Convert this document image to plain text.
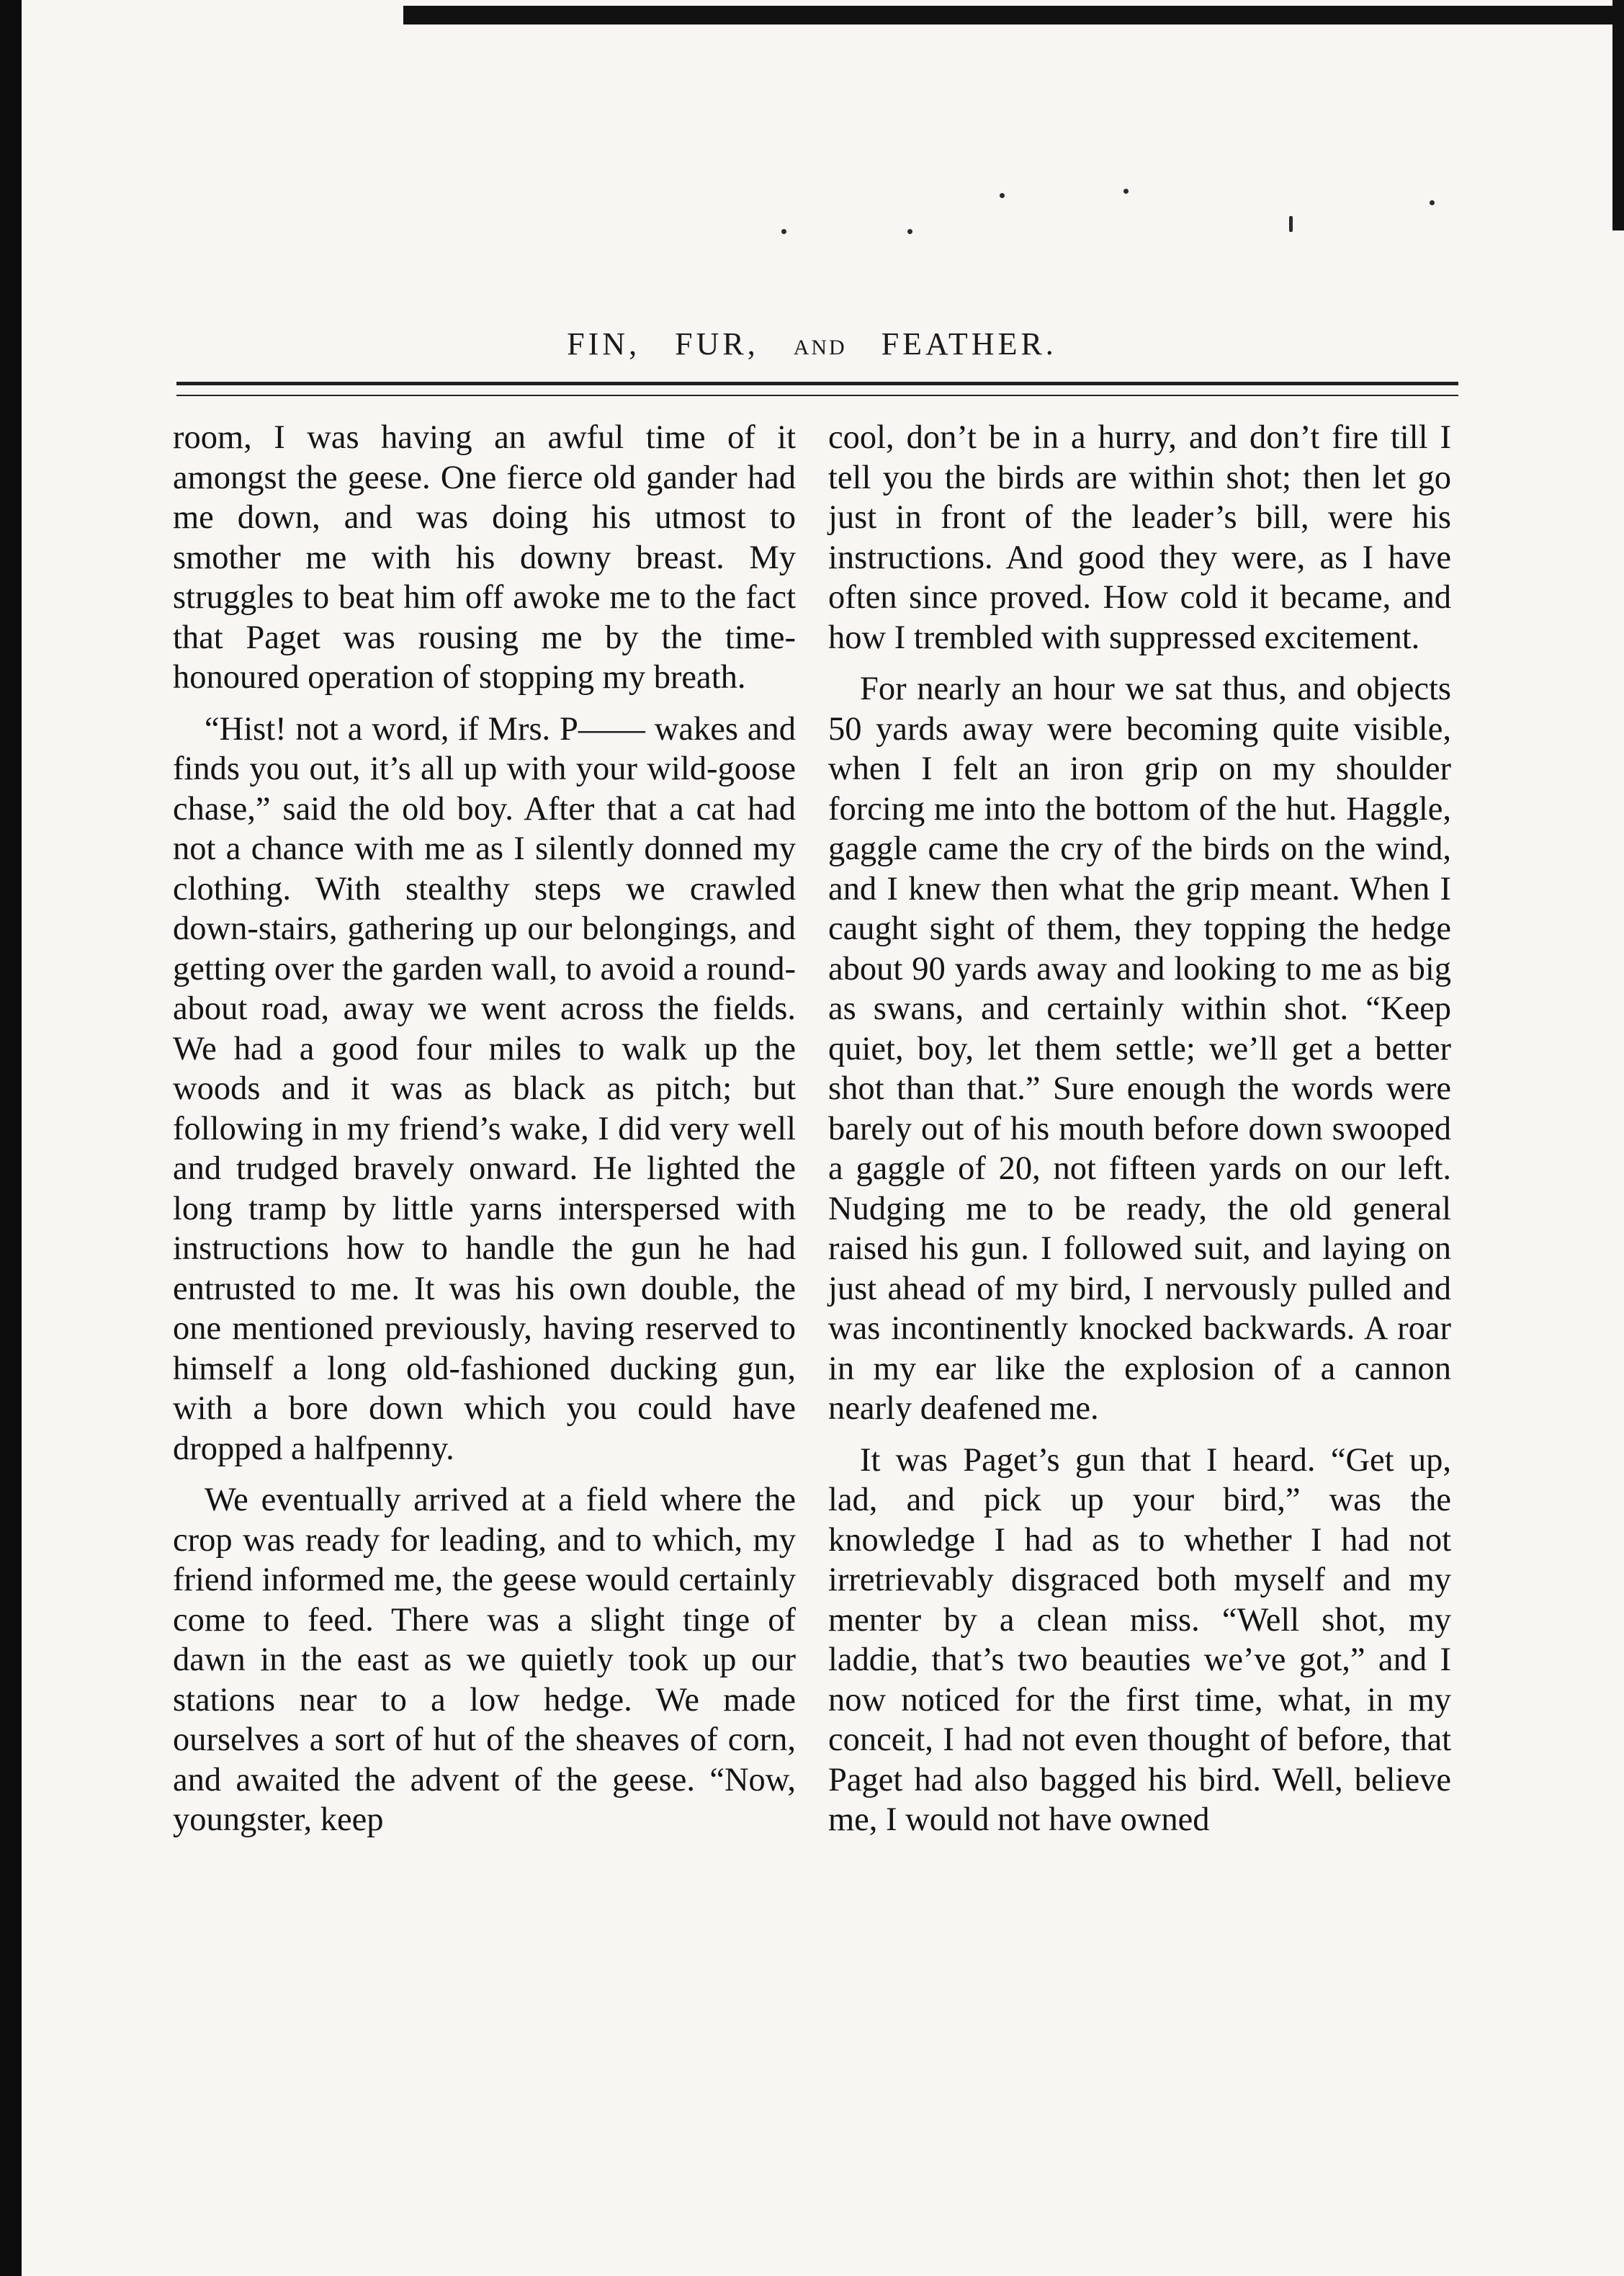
FIN, FUR, AND FEATHER.

room, I was having an awful time of it amongst the geese. One fierce old gander had me down, and was doing his utmost to smother me with his downy breast. My struggles to beat him off awoke me to the fact that Paget was rousing me by the time-honoured operation of stopping my breath.

“Hist! not a word, if Mrs. P—— wakes and finds you out, it’s all up with your wild-goose chase,” said the old boy. After that a cat had not a chance with me as I silently donned my clothing. With stealthy steps we crawled down-stairs, gathering up our belongings, and getting over the garden wall, to avoid a round-about road, away we went across the fields. We had a good four miles to walk up the woods and it was as black as pitch; but following in my friend’s wake, I did very well and trudged bravely onward. He lighted the long tramp by little yarns interspersed with instructions how to handle the gun he had entrusted to me. It was his own double, the one mentioned previously, having reserved to himself a long old-fashioned ducking gun, with a bore down which you could have dropped a halfpenny.

We eventually arrived at a field where the crop was ready for leading, and to which, my friend informed me, the geese would certainly come to feed. There was a slight tinge of dawn in the east as we quietly took up our stations near to a low hedge. We made ourselves a sort of hut of the sheaves of corn, and awaited the advent of the geese. “Now, youngster, keep

cool, don’t be in a hurry, and don’t fire till I tell you the birds are within shot; then let go just in front of the leader’s bill, were his instructions. And good they were, as I have often since proved. How cold it became, and how I trembled with suppressed excitement.

For nearly an hour we sat thus, and objects 50 yards away were becoming quite visible, when I felt an iron grip on my shoulder forcing me into the bottom of the hut. Haggle, gaggle came the cry of the birds on the wind, and I knew then what the grip meant. When I caught sight of them, they topping the hedge about 90 yards away and looking to me as big as swans, and certainly within shot. “Keep quiet, boy, let them settle; we’ll get a better shot than that.” Sure enough the words were barely out of his mouth before down swooped a gaggle of 20, not fifteen yards on our left. Nudging me to be ready, the old general raised his gun. I followed suit, and laying on just ahead of my bird, I nervously pulled and was incontinently knocked backwards. A roar in my ear like the explosion of a cannon nearly deafened me.

It was Paget’s gun that I heard. “Get up, lad, and pick up your bird,” was the knowledge I had as to whether I had not irretrievably disgraced both myself and my menter by a clean miss. “Well shot, my laddie, that’s two beauties we’ve got,” and I now noticed for the first time, what, in my conceit, I had not even thought of before, that Paget had also bagged his bird. Well, believe me, I would not have owned
